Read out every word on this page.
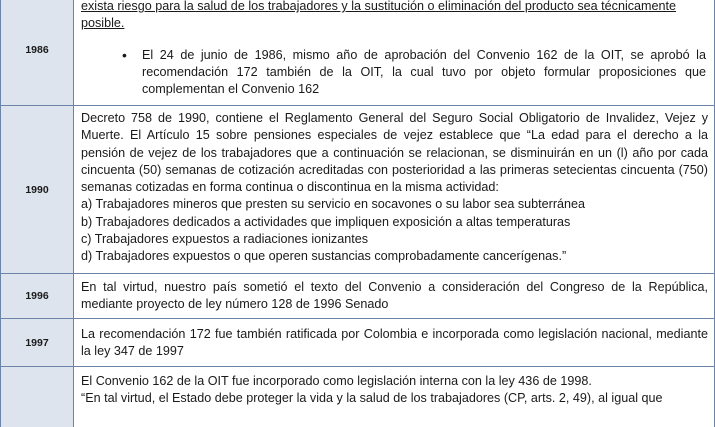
1986

exista riesgo para la salud de los trabajadores y la sustitución o eliminación del producto sea técnicamente

posible.

• El 24 de junio de 1986, mismo año de aprobación del Convenio 162 de la OIT, se aprobó la recomendación 172 también de la OIT, la cual tuvo por objeto formular proposiciones que complementan el Convenio 162
1990

Decreto 758 de 1990, contiene el Reglamento General del Seguro Social Obligatorio de Invalidez, Vejez y Muerte. El Artículo 15 sobre pensiones especiales de vejez establece que “La edad para el derecho a la pensión de vejez de los trabajadores que a continuación se relacionan, se disminuirán en un (l) año por cada cincuenta (50) semanas de cotización acreditadas con posterioridad a las primeras setecientas cincuenta (750) semanas cotizadas en forma continua o discontinua en la misma actividad:

a) Trabajadores mineros que presten su servicio en socavones o su labor sea subterránea

b) Trabajadores dedicados a actividades que impliquen exposición a altas temperaturas

c) Trabajadores expuestos a radiaciones ionizantes

d) Trabajadores expuestos o que operen sustancias comprobadamente cancerígenas.”

1996

En tal virtud, nuestro país sometió el texto del Convenio a consideración del Congreso de la República, mediante proyecto de ley número 128 de 1996 Senado

1997

La recomendación 172 fue también ratificada por Colombia e incorporada como legislación nacional, mediante la ley 347 de 1997

El Convenio 162 de la OIT fue incorporado como legislación interna con la ley 436 de 1998.

“En tal virtud, el Estado debe proteger la vida y la salud de los trabajadores (CP, arts. 2, 49), al igual que
